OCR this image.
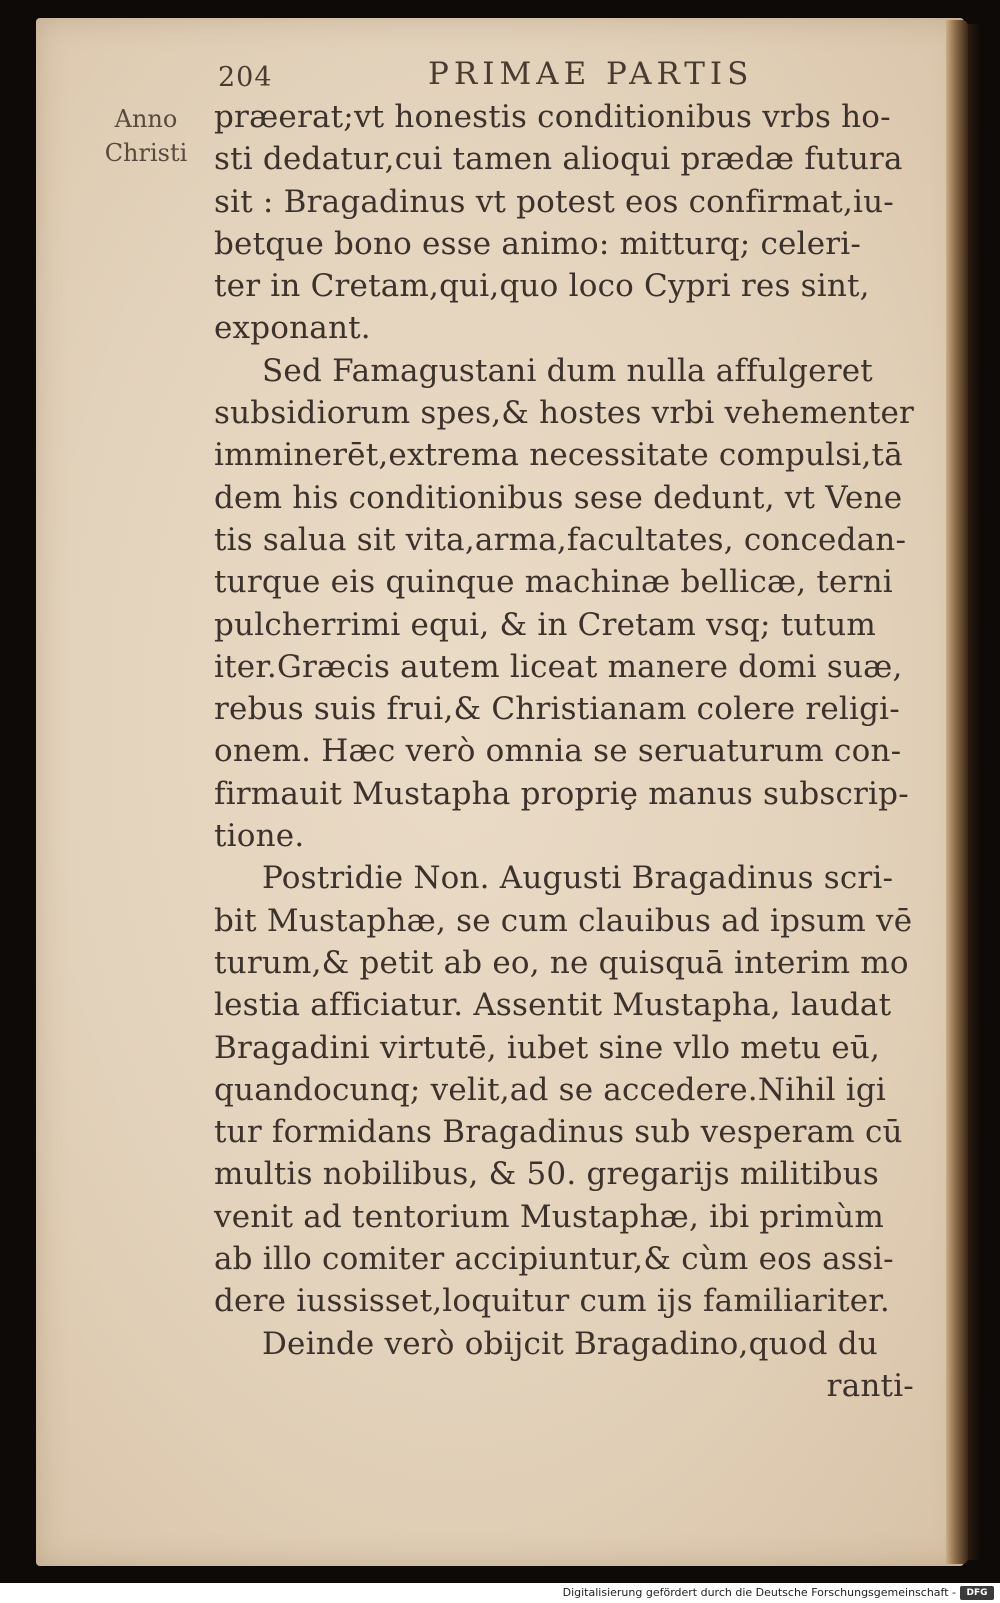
204	PRIMAE PARTIS
Anno
Christi
præerat;vt honestis conditionibus vrbs ho-
sti dedatur,cui tamen alioqui prædæ futura
sit : Bragadinus vt potest eos confirmat,iu-
betque bono esse animo: mitturq; celeri-
ter in Cretam,qui,quo loco Cypri res sint,
exponant.
Sed Famagustani dum nulla affulgeret
subsidiorum spes,& hostes vrbi vehementer
imminerēt,extrema necessitate compulsi,tā
dem his conditionibus sese dedunt, vt Vene
tis salua sit vita,arma,facultates, concedan-
turque eis quinque machinæ bellicæ, terni
pulcherrimi equi, & in Cretam vsq; tutum
iter.Græcis autem liceat manere domi suæ,
rebus suis frui,& Christianam colere religi-
onem. Hæc verò omnia se seruaturum con-
firmauit Mustapha propriȩ manus subscrip-
tione.
Postridie Non. Augusti Bragadinus scri-
bit Mustaphæ, se cum clauibus ad ipsum vē
turum,& petit ab eo, ne quisquā interim mo
lestia afficiatur. Assentit Mustapha, laudat
Bragadini virtutē, iubet sine vllo metu eū,
quandocunq; velit,ad se accedere.Nihil igi
tur formidans Bragadinus sub vesperam cū
multis nobilibus, & 50. gregarijs militibus
venit ad tentorium Mustaphæ, ibi primùm
ab illo comiter accipiuntur,& cùm eos assi-
dere iussisset,loquitur cum ijs familiariter.
Deinde verò obijcit Bragadino,quod du
ranti-
Digitalisierung gefördert durch die Deutsche Forschungsgemeinschaft -	DFG
